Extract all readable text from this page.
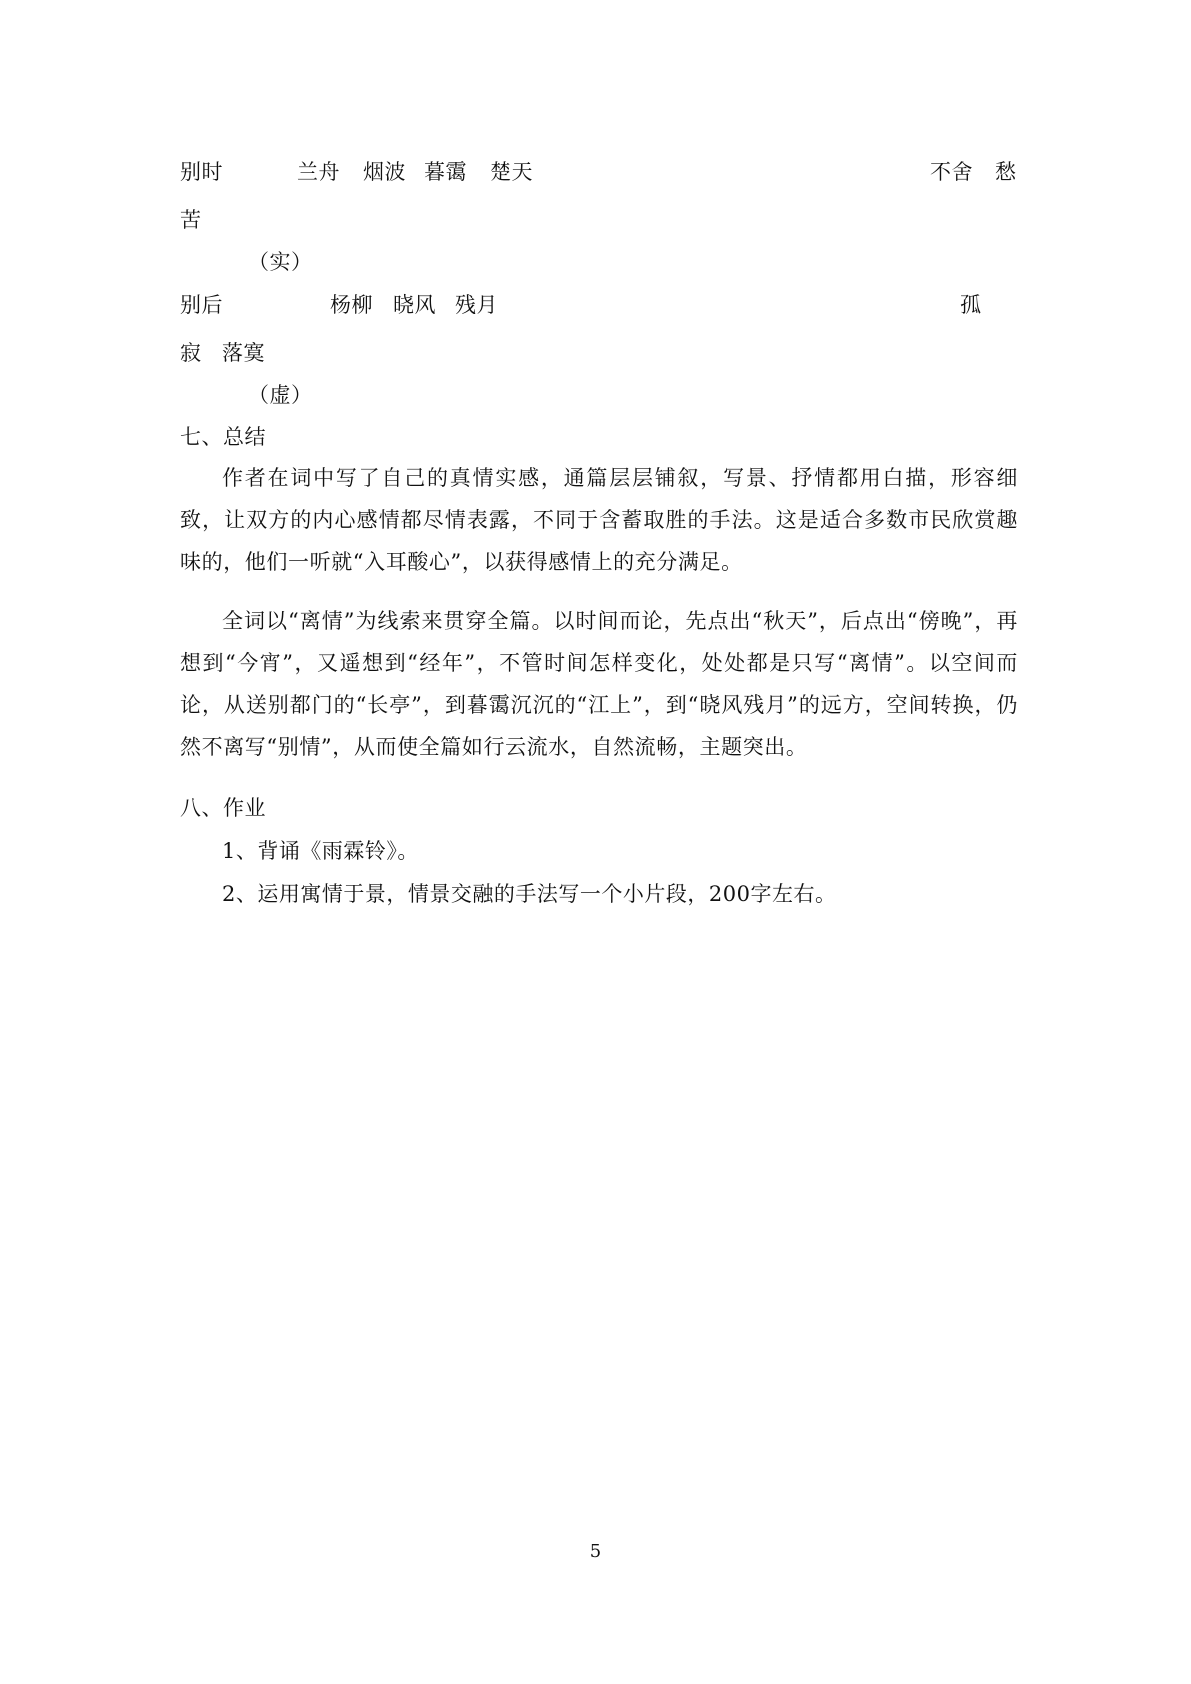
别时	兰舟 烟波 暮霭 楚天	不舍 愁
苦
（实）
别后	杨柳 晓风 残月	孤
寂 落寞
（虚）
七、总结

作者在词中写了自己的真情实感，通篇层层铺叙，写景、抒情都用白描，形容细致，让双方的内心感情都尽情表露，不同于含蓄取胜的手法。这是适合多数市民欣赏趣味的，他们一听就“入耳酸心”，以获得感情上的充分满足。

全词以“离情”为线索来贯穿全篇。以时间而论，先点出“秋天”，后点出“傍晚”，再想到“今宵”，又遥想到“经年”，不管时间怎样变化，处处都是只写“离情”。以空间而论，从送别都门的“长亭”，到暮霭沉沉的“江上”，到“晓风残月”的远方，空间转换，仍然不离写“别情”，从而使全篇如行云流水，自然流畅，主题突出。

八、作业
1、背诵《雨霖铃》。
2、运用寓情于景，情景交融的手法写一个小片段，200字左右。
5
